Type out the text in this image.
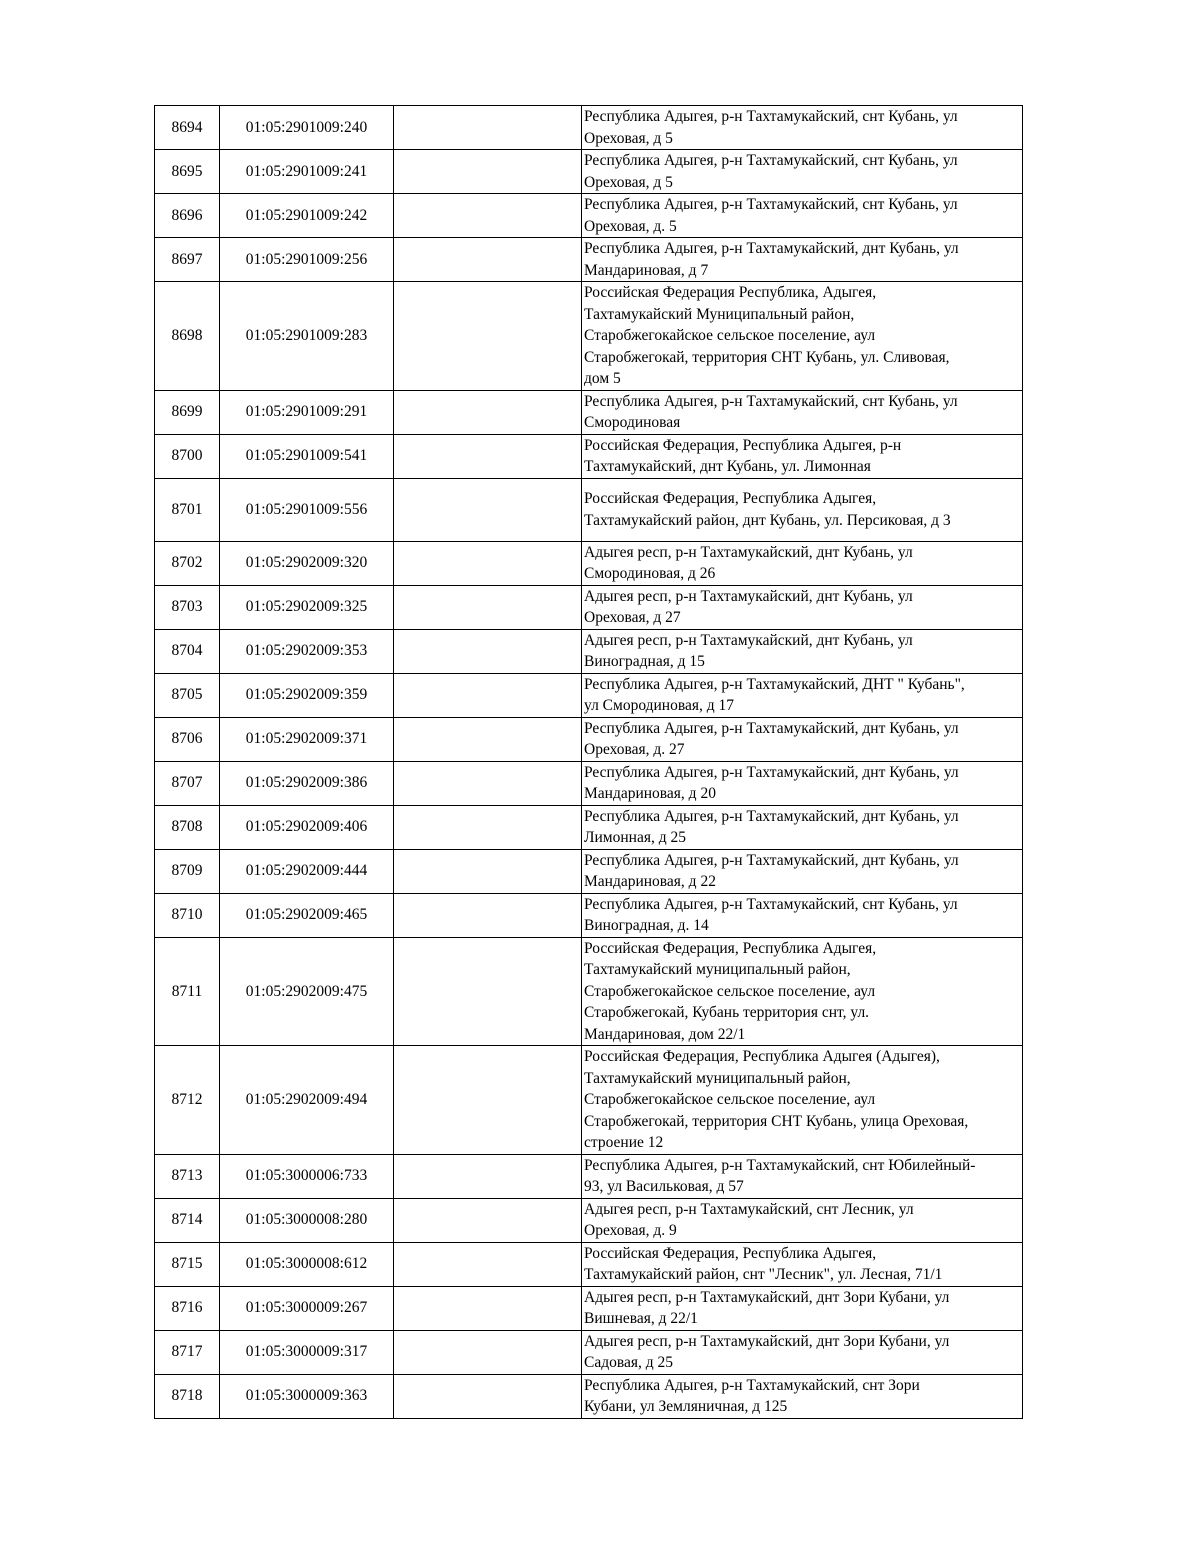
8694	01:05:2901009:240		Республика Адыгея, р-н Тахтамукайский, снт Кубань, ул
Ореховая, д 5
8695	01:05:2901009:241		Республика Адыгея, р-н Тахтамукайский, снт Кубань, ул
Ореховая, д 5
8696	01:05:2901009:242		Республика Адыгея, р-н Тахтамукайский, снт Кубань, ул
Ореховая, д. 5
8697	01:05:2901009:256		Республика Адыгея, р-н Тахтамукайский, днт Кубань, ул
Мандариновая, д 7
8698	01:05:2901009:283		Российская Федерация Республика, Адыгея,
Тахтамукайский Муниципальный район,
Старобжегокайское сельское поселение, аул
Старобжегокай, территория СНТ Кубань, ул. Сливовая,
дом 5
8699	01:05:2901009:291		Республика Адыгея, р-н Тахтамукайский, снт Кубань, ул
Смородиновая
8700	01:05:2901009:541		Российская Федерация, Республика Адыгея, р-н
Тахтамукайский, днт Кубань, ул. Лимонная
8701	01:05:2901009:556		Российская Федерация, Республика Адыгея,
Тахтамукайский район, днт Кубань, ул. Персиковая, д 3
8702	01:05:2902009:320		Адыгея респ, р-н Тахтамукайский, днт Кубань, ул
Смородиновая, д 26
8703	01:05:2902009:325		Адыгея респ, р-н Тахтамукайский, днт Кубань, ул
Ореховая, д 27
8704	01:05:2902009:353		Адыгея респ, р-н Тахтамукайский, днт Кубань, ул
Виноградная, д 15
8705	01:05:2902009:359		Республика Адыгея, р-н Тахтамукайский, ДНТ " Кубань",
ул Смородиновая, д 17
8706	01:05:2902009:371		Республика Адыгея, р-н Тахтамукайский, днт Кубань, ул
Ореховая, д. 27
8707	01:05:2902009:386		Республика Адыгея, р-н Тахтамукайский, днт Кубань, ул
Мандариновая, д 20
8708	01:05:2902009:406		Республика Адыгея, р-н Тахтамукайский, днт Кубань, ул
Лимонная, д 25
8709	01:05:2902009:444		Республика Адыгея, р-н Тахтамукайский, днт Кубань, ул
Мандариновая, д 22
8710	01:05:2902009:465		Республика Адыгея, р-н Тахтамукайский, снт Кубань, ул
Виноградная, д. 14
8711	01:05:2902009:475		Российская Федерация, Республика Адыгея,
Тахтамукайский муниципальный район,
Старобжегокайское сельское поселение, аул
Старобжегокай, Кубань территория снт, ул.
Мандариновая, дом 22/1
8712	01:05:2902009:494		Российская Федерация, Республика Адыгея (Адыгея),
Тахтамукайский муниципальный район,
Старобжегокайское сельское поселение, аул
Старобжегокай, территория СНТ Кубань, улица Ореховая,
строение 12
8713	01:05:3000006:733		Республика Адыгея, р-н Тахтамукайский, снт Юбилейный-
93, ул Васильковая, д 57
8714	01:05:3000008:280		Адыгея респ, р-н Тахтамукайский, снт Лесник, ул
Ореховая, д. 9
8715	01:05:3000008:612		Российская Федерация, Республика Адыгея,
Тахтамукайский район, снт "Лесник", ул. Лесная, 71/1
8716	01:05:3000009:267		Адыгея респ, р-н Тахтамукайский, днт Зори Кубани, ул
Вишневая, д 22/1
8717	01:05:3000009:317		Адыгея респ, р-н Тахтамукайский, днт Зори Кубани, ул
Садовая, д 25
8718	01:05:3000009:363		Республика Адыгея, р-н Тахтамукайский, снт Зори
Кубани, ул Земляничная, д 125
